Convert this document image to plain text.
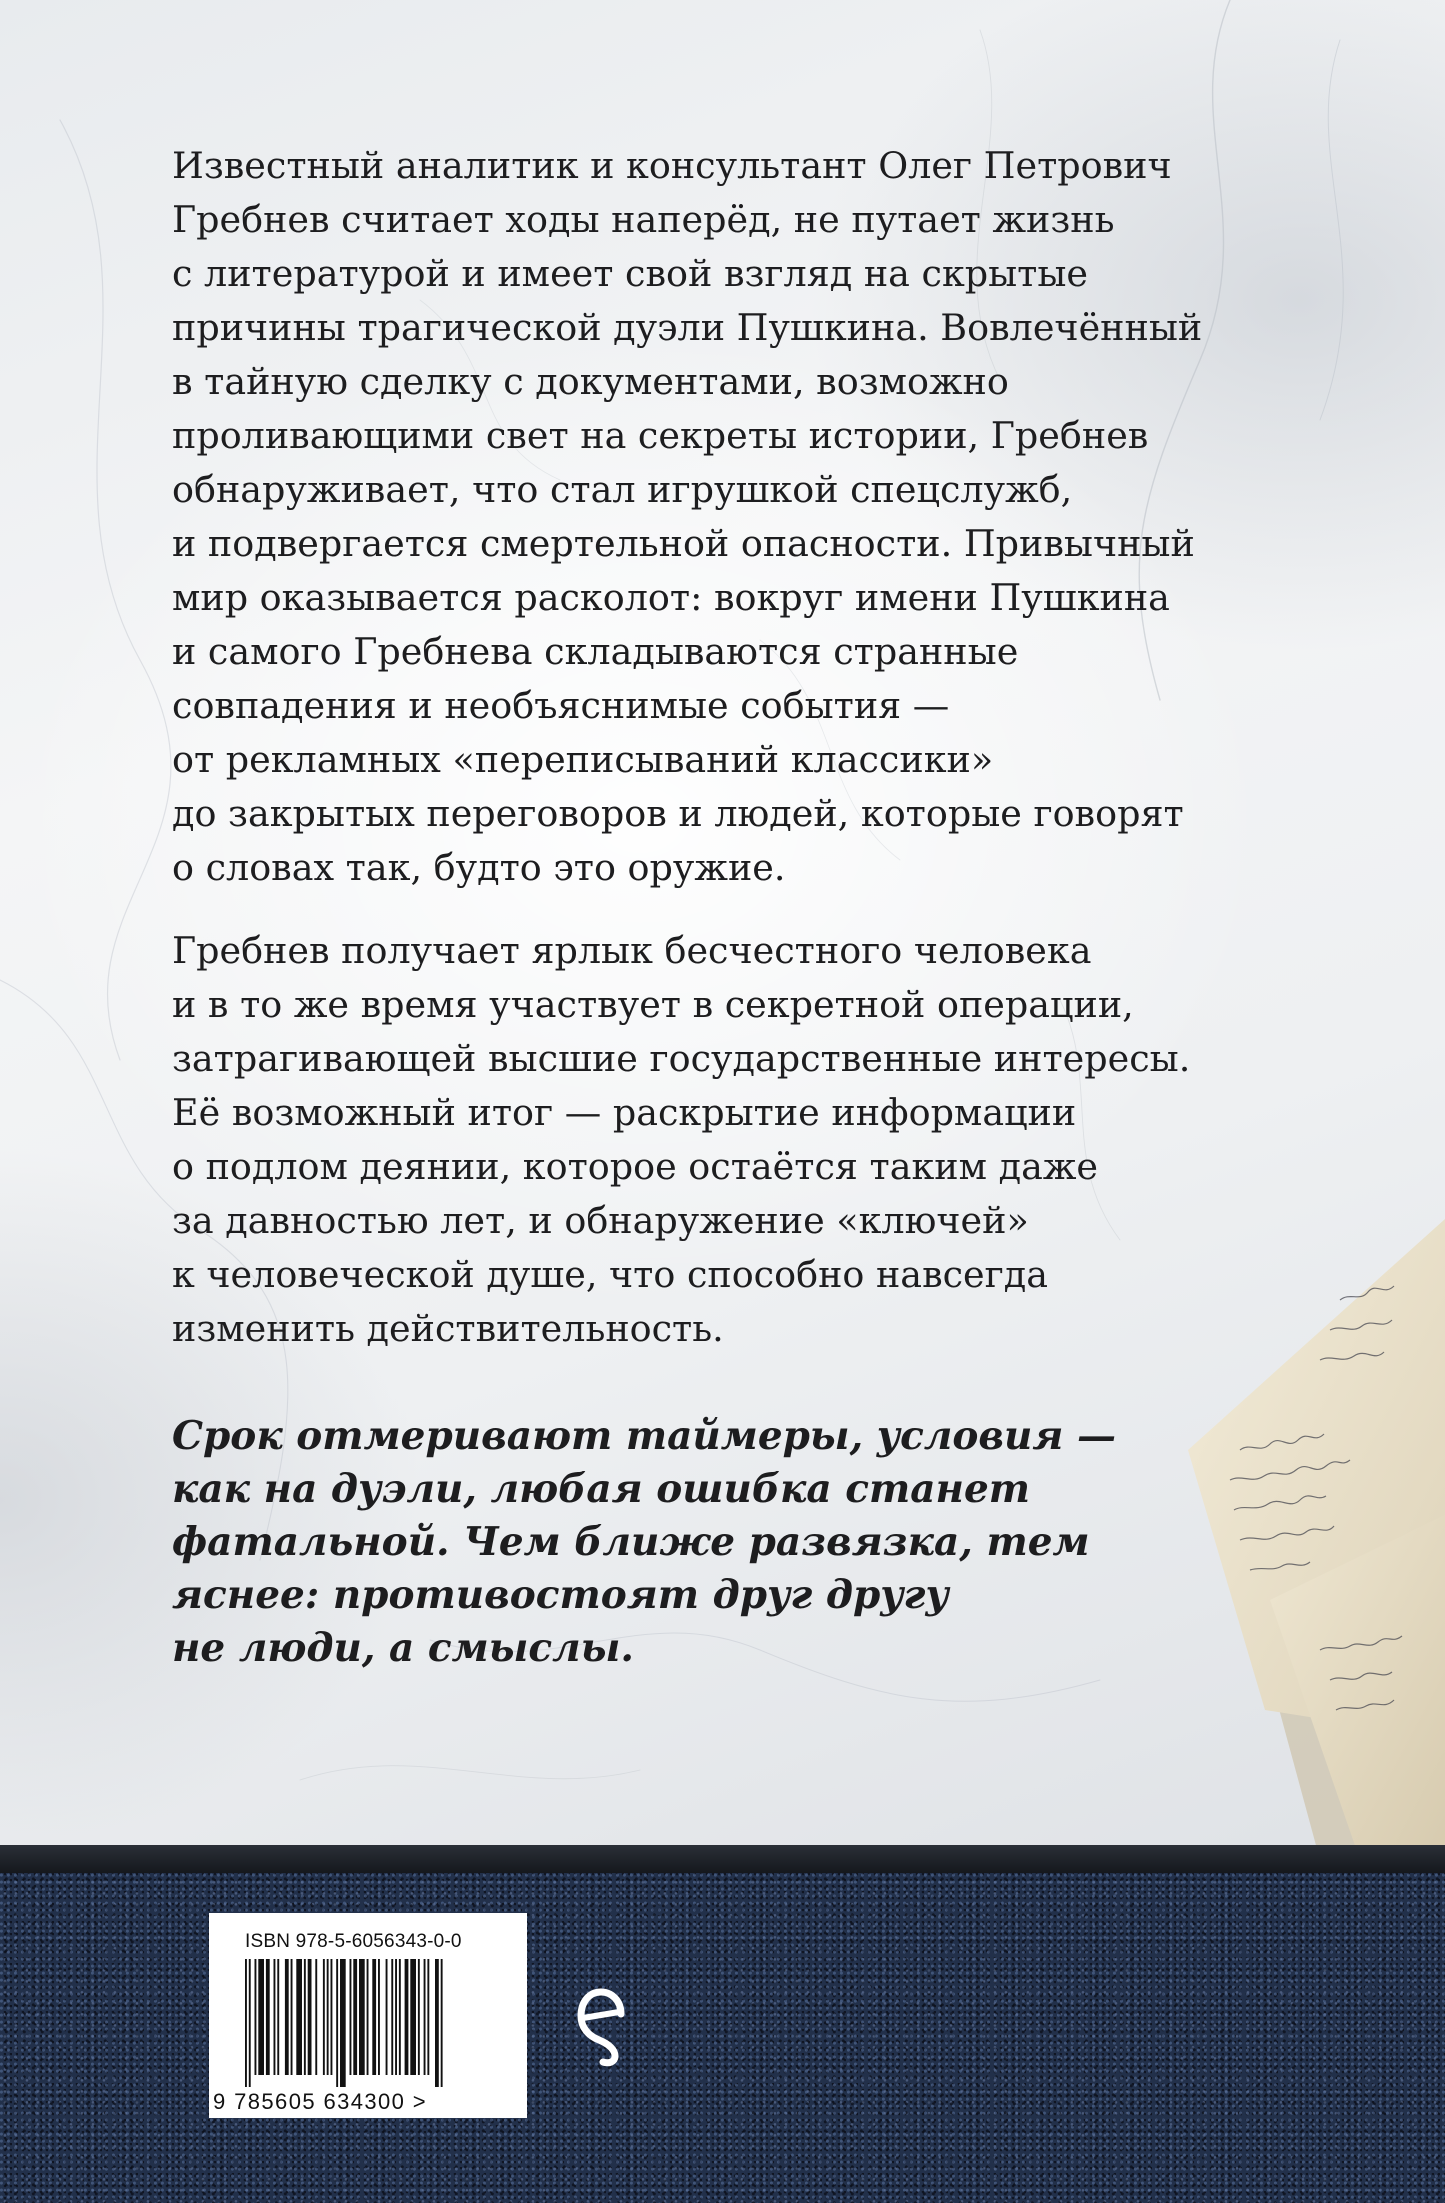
Известный аналитик и консультант Олег Петрович
Гребнев считает ходы наперёд, не путает жизнь
с литературой и имеет свой взгляд на скрытые
причины трагической дуэли Пушкина. Вовлечённый
в тайную сделку с документами, возможно
проливающими свет на секреты истории, Гребнев
обнаруживает, что стал игрушкой спецслужб,
и подвергается смертельной опасности. Привычный
мир оказывается расколот: вокруг имени Пушкина
и самого Гребнева складываются странные
совпадения и необъяснимые события —
от рекламных «переписываний классики»
до закрытых переговоров и людей, которые говорят
о словах так, будто это оружие.

Гребнев получает ярлык бесчестного человека
и в то же время участвует в секретной операции,
затрагивающей высшие государственные интересы.
Её возможный итог — раскрытие информации
о подлом деянии, которое остаётся таким даже
за давностью лет, и обнаружение «ключей»
к человеческой душе, что способно навсегда
изменить действительность.

Срок отмеривают таймеры, условия —
как на дуэли, любая ошибка станет
фатальной. Чем ближе развязка, тем
яснее: противостоят друг другу
не люди, а смыслы.

ISBN 978-5-6056343-0-0
9 785605 634300 >
